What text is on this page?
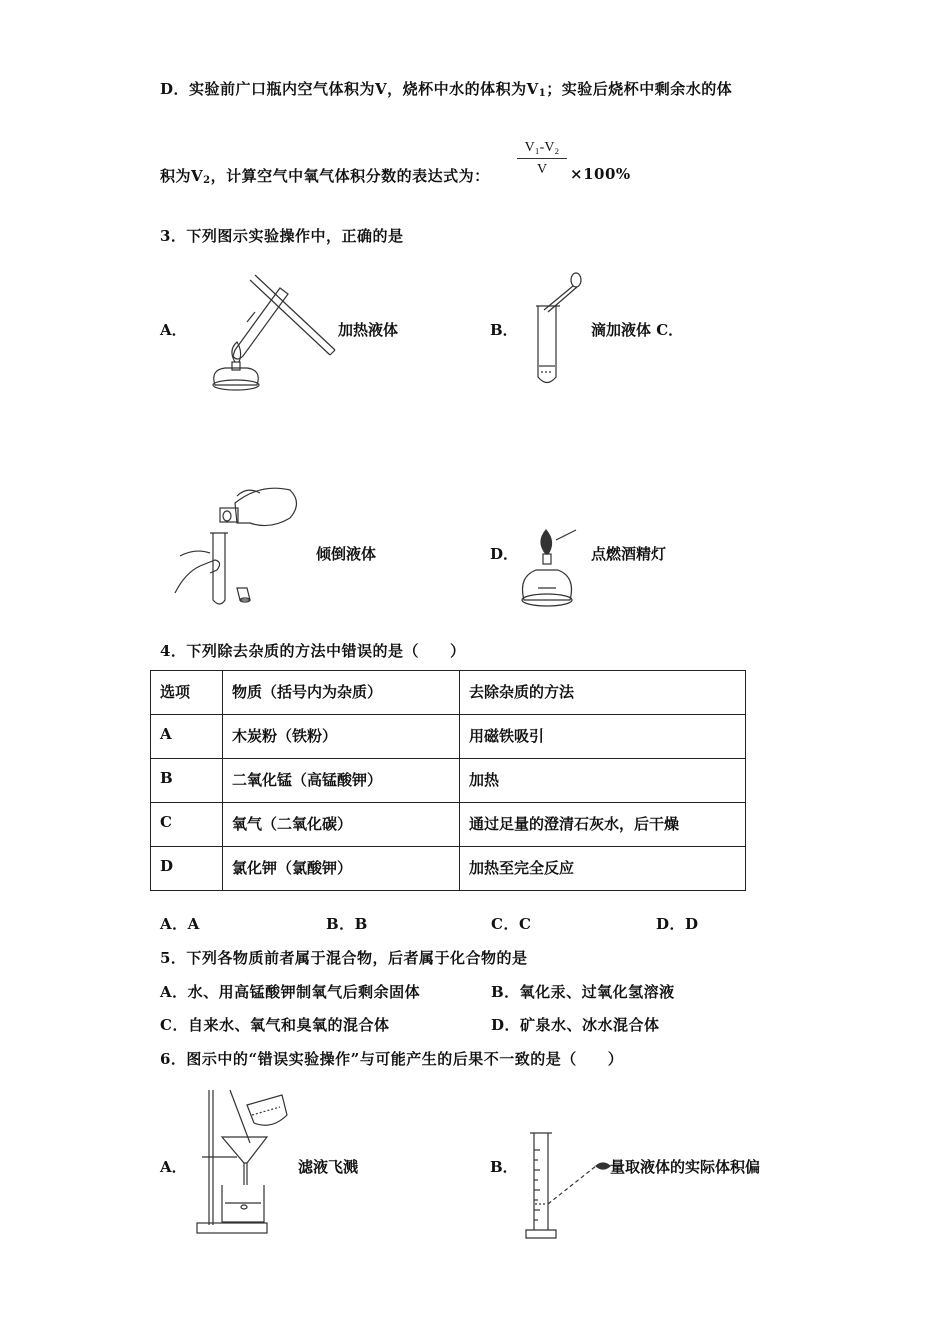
D．实验前广口瓶内空气体积为V，烧杯中水的体积为$V_1$；实验后烧杯中剩余水的体
积为$V_2$，计算空气中氧气体积分数的表达式为： $\frac{\text{V₁-V₂}}{V} \times 100\%$
3．下列图示实验操作中，正确的是
A．	加热液体	B．	滴加液体 C．
倾倒液体	D．	点燃酒精灯
4．下列除去杂质的方法中错误的是（　　）
选项	物质（括号内为杂质）	去除杂质的方法
A	木炭粉（铁粉）	用磁铁吸引
B	二氧化锰（高锰酸钾）	加热
C	氧气（二氧化碳）	通过足量的澄清石灰水，后干燥
D	氯化钾（氯酸钾）	加热至完全反应
A．A	B．B	C．C	D．D
5．下列各物质前者属于混合物，后者属于化合物的是
A．水、用高锰酸钾制氧气后剩余固体	B．氧化汞、过氧化氢溶液
C．自来水、氧气和臭氧的混合体	D．矿泉水、冰水混合体
6．图示中的“错误实验操作”与可能产生的后果不一致的是（　　）
A．	滤液飞溅	B．	量取液体的实际体积偏
